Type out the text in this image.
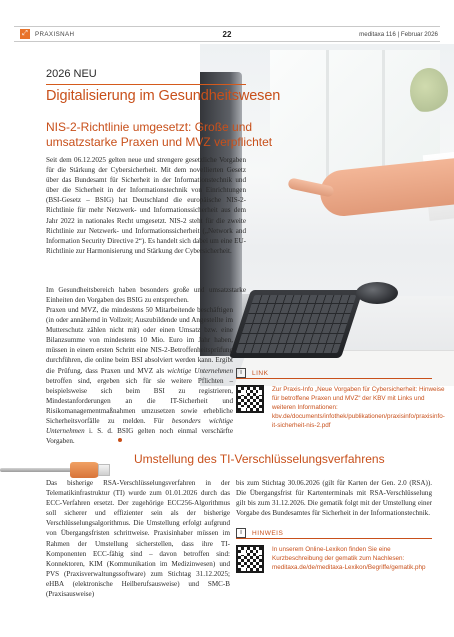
⤢	PRAXISNAH	22	meditaxa 116 | Februar 2026
2026 NEU
Digitalisierung im Gesundheitswesen
NIS-2-Richtlinie umgesetzt: Große und umsatzstarke Praxen und MVZ verpflichtet
Seit dem 06.12.2025 gelten neue und strengere gesetzliche Vorgaben für die Stärkung der Cybersicherheit. Mit dem novellierten Gesetz über das Bundesamt für Sicherheit in der Informationstechnik und über die Sicherheit in der Informationstechnik von Einrichtungen (BSI-Gesetz – BSIG) hat Deutschland die europäische NIS-2-Richtlinie für mehr Netzwerk- und Informationssicherheit aus dem Jahr 2022 in nationales Recht umgesetzt. NIS-2 steht für die zweite Richtlinie zur Netzwerk- und Informationssicherheit („Network and Information Security Directive 2“). Es handelt sich dabei um eine EU-Richtlinie zur Harmonisierung und Stärkung der Cybersicherheit.
Im Gesundheitsbereich haben besonders große und umsatzstarke Einheiten den Vorgaben des BSIG zu entsprechen.
Praxen und MVZ, die mindestens 50 Mitarbeitende beschäftigen (in oder annähernd in Vollzeit; Auszubildende und Angestellte im Mutterschutz zählen nicht mit) oder einen Umsatz bzw. eine Bilanzsumme von mindestens 10 Mio. Euro im Jahr haben, müssen in einem ersten Schritt eine NIS-2-Betroffenheitsprüfung durchführen, die online beim BSI absolviert werden kann. Ergibt die Prüfung, dass Praxen und MVZ als wichtige Unternehmen betroffen sind, ergeben sich für sie weitere Pflichten – beispielsweise sich beim BSI zu registrieren, Mindestanforderungen an die IT-Sicherheit und Risikomanagementmaßnahmen umzusetzen sowie erhebliche Sicherheitsvorfälle zu melden. Für besonders wichtige Unternehmen i. S. d. BSIG gelten noch einmal verschärfte Vorgaben.
i	LINK
Zur Praxis-Info „Neue Vorgaben für Cybersicherheit: Hinweise für betroffene Praxen und MVZ“ der KBV mit Links und weiteren Informationen: kbv.de/documents/infothek/publikationen/praxisinfo/praxisinfo-it-sicherheit-nis-2.pdf
Umstellung des TI-Verschlüsselungsverfahrens
Das bisherige RSA-Verschlüsselungsverfahren in der Telematikinfrastruktur (TI) wurde zum 01.01.2026 durch das ECC-Verfahren ersetzt. Der zugehörige ECC256-Algorithmus soll sicherer und effizienter sein als der bisherige Verschlüsselungsalgorithmus. Die Umstellung erfolgt aufgrund von Übergangsfristen schrittweise. Praxisinhaber müssen im Rahmen der Umstellung sicherstellen, dass ihre TI-Komponenten ECC-fähig sind – davon betroffen sind: Konnektoren, KIM (Kommunikation im Medizinwesen) und PVS (Praxisverwaltungssoftware) zum Stichtag 31.12.2025; eHBA (elektronische Heilberufsausweise) und SMC-B (Praxisausweise)
bis zum Stichtag 30.06.2026 (gilt für Karten der Gen. 2.0 (RSA)). Die Übergangsfrist für Kartenterminals mit RSA-Verschlüsselung gilt bis zum 31.12.2026. Die gematik folgt mit der Umstellung einer Vorgabe des Bundesamtes für Sicherheit in der Informationstechnik.
i	HINWEIS
In unserem Online-Lexikon finden Sie eine Kurzbeschreibung der gematik zum Nachlesen: meditaxa.de/de/meditaxa-Lexikon/Begriffe/gematik.php
